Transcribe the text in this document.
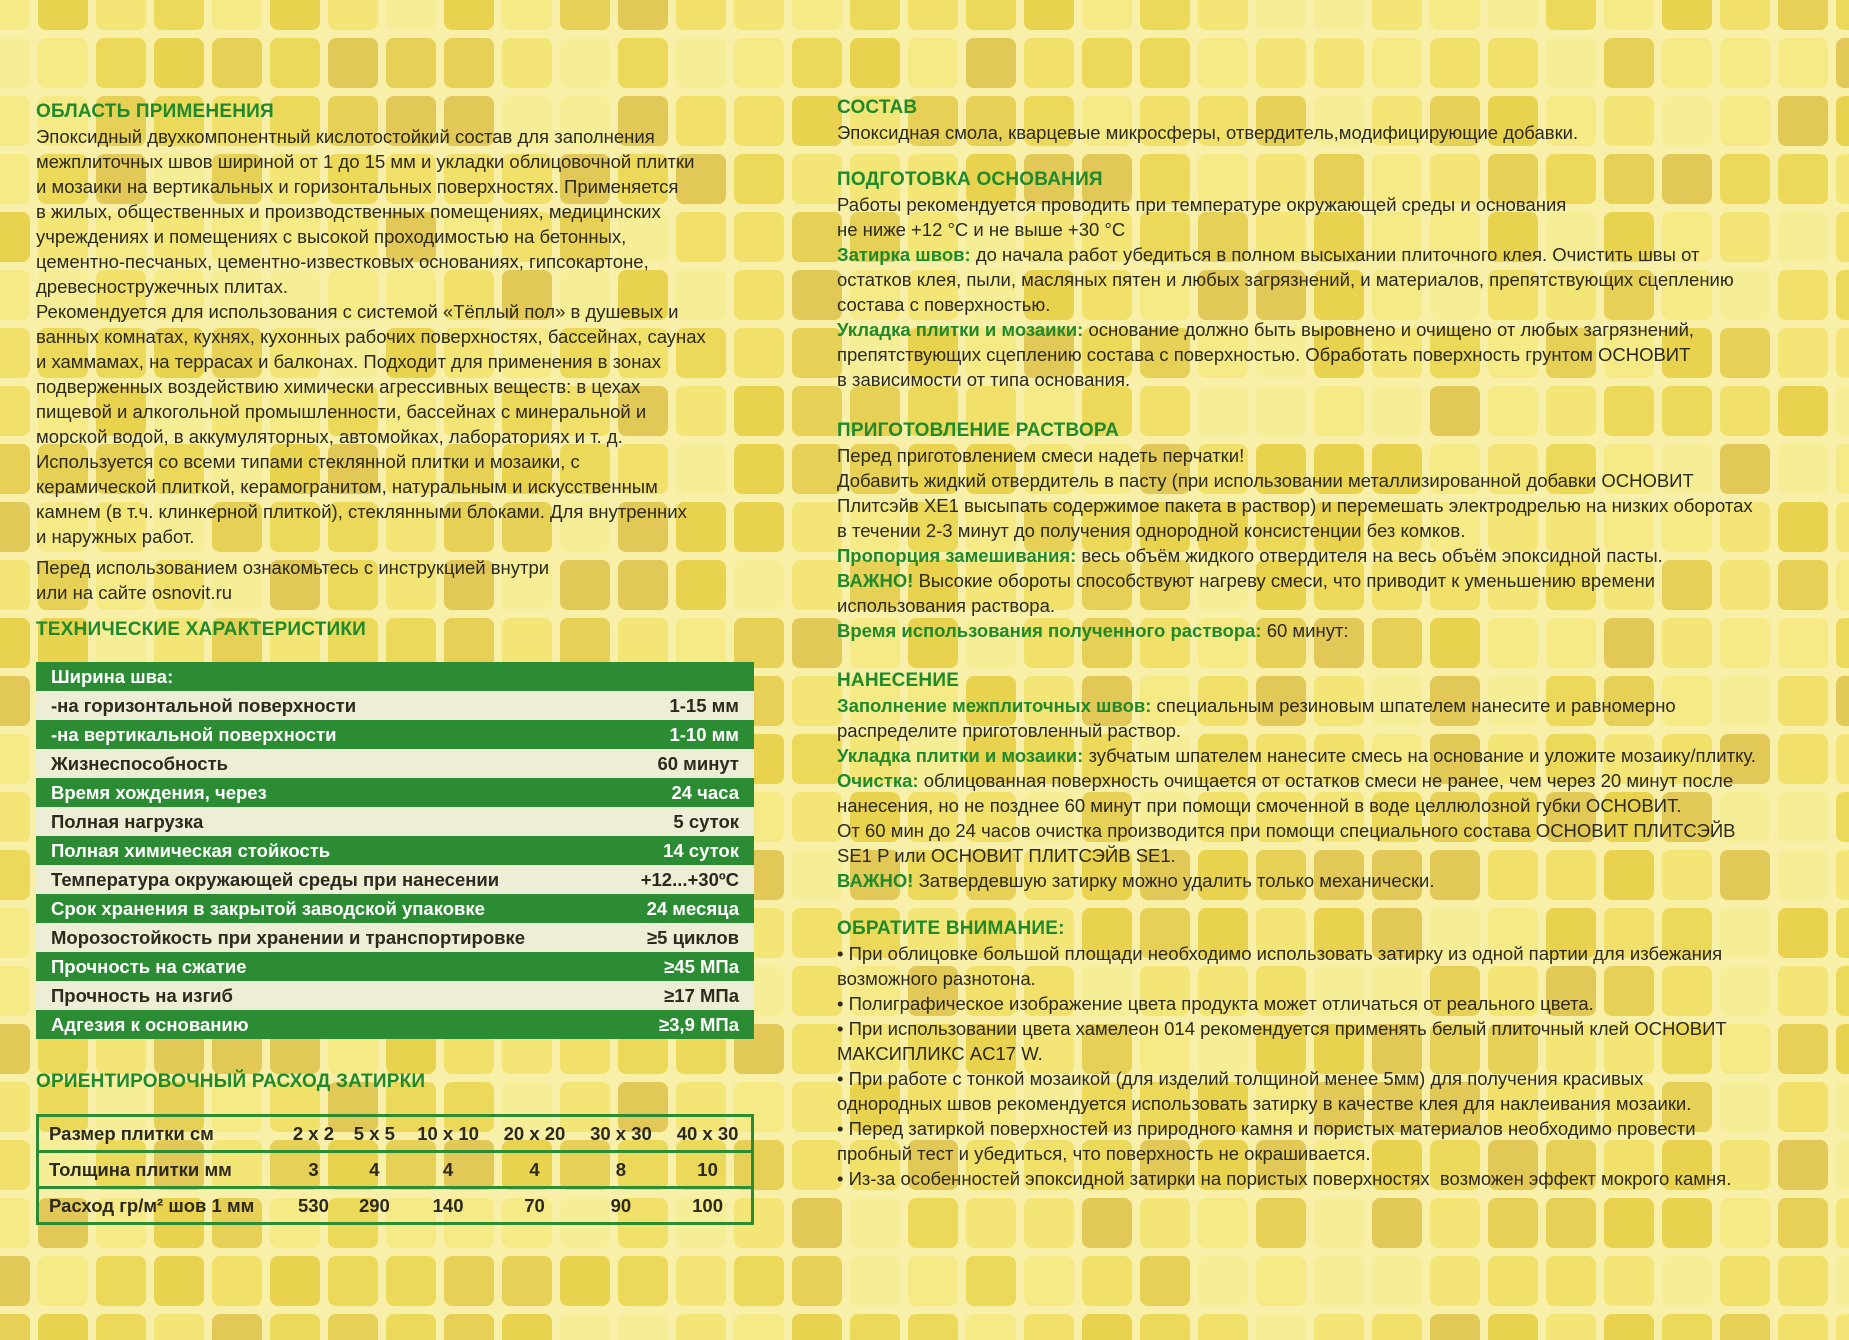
ОБЛАСТЬ ПРИМЕНЕНИЯ
Эпоксидный двухкомпонентный кислотостойкий состав для заполнения
межплиточных швов шириной от 1 до 15 мм и укладки облицовочной плитки
и мозаики на вертикальных и горизонтальных поверхностях. Применяется
в жилых, общественных и производственных помещениях, медицинских
учреждениях и помещениях с высокой проходимостью на бетонных,
цементно-песчаных, цементно-известковых основаниях, гипсокартоне,
древесностружечных плитах.
Рекомендуется для использования с системой «Тёплый пол» в душевых и
ванных комнатах, кухнях, кухонных рабочих поверхностях, бассейнах, саунах
и хаммамах, на террасах и балконах. Подходит для применения в зонах
подверженных воздействию химически агрессивных веществ: в цехах
пищевой и алкогольной промышленности, бассейнах с минеральной и
морской водой, в аккумуляторных, автомойках, лабораториях и т. д.
Используется со всеми типами стеклянной плитки и мозаики, с
керамической плиткой, керамогранитом, натуральным и искусственным
камнем (в т.ч. клинкерной плиткой), стеклянными блоками. Для внутренних
и наружных работ.
Перед использованием ознакомьтесь с инструкцией внутри
или на сайте osnovit.ru
ТЕХНИЧЕСКИЕ ХАРАКТЕРИСТИКИ
Ширина шва:	
-на горизонтальной поверхности	1-15 мм
-на вертикальной поверхности	1-10 мм
Жизнеспособность	60 минут
Время хождения, через	24 часа
Полная нагрузка	5 суток
Полная химическая стойкость	14 суток
Температура окружающей среды при нанесении	+12...+30ºC
Срок хранения в закрытой заводской упаковке	24 месяца
Морозостойкость при хранении и транспортировке	≥5 циклов
Прочность на сжатие	≥45 МПа
Прочность на изгиб	≥17 МПа
Адгезия к основанию	≥3,9 МПа
ОРИЕНТИРОВОЧНЫЙ РАСХОД ЗАТИРКИ
Размер плитки см	2 x 2	5 x 5	10 x 10	20 x 20	30 x 30	40 x 30
Толщина плитки мм	3	4	4	4	8	10
Расход гр/м² шов 1 мм	530	290	140	70	90	100
СОСТАВ
Эпоксидная смола, кварцевые микросферы, отвердитель,модифицирующие добавки.
ПОДГОТОВКА ОСНОВАНИЯ
Работы рекомендуется проводить при температуре окружающей среды и основания
не ниже +12 °C и не выше +30 °C
Затирка швов: до начала работ убедиться в полном высыхании плиточного клея. Очистить швы от
остатков клея, пыли, масляных пятен и любых загрязнений, и материалов, препятствующих сцеплению
состава с поверхностью.
Укладка плитки и мозаики: основание должно быть выровнено и очищено от любых загрязнений,
препятствующих сцеплению состава с поверхностью. Обработать поверхность грунтом ОСНОВИТ
в зависимости от типа основания.
ПРИГОТОВЛЕНИЕ РАСТВОРА
Перед приготовлением смеси надеть перчатки!
Добавить жидкий отвердитель в пасту (при использовании металлизированной добавки ОСНОВИТ
Плитсэйв XE1 высыпать содержимое пакета в раствор) и перемешать электродрелью на низких оборотах
в течении 2-3 минут до получения однородной консистенции без комков.
Пропорция замешивания: весь объём жидкого отвердителя на весь объём эпоксидной пасты.
ВАЖНО! Высокие обороты способствуют нагреву смеси, что приводит к уменьшению времени
использования раствора.
Время использования полученного раствора: 60 минут:
НАНЕСЕНИЕ
Заполнение межплиточных швов: специальным резиновым шпателем нанесите и равномерно
распределите приготовленный раствор.
Укладка плитки и мозаики: зубчатым шпателем нанесите смесь на основание и уложите мозаику/плитку.
Очистка: облицованная поверхность очищается от остатков смеси не ранее, чем через 20 минут после
нанесения, но не позднее 60 минут при помощи смоченной в воде целлюлозной губки ОСНОВИТ.
От 60 мин до 24 часов очистка производится при помощи специального состава ОСНОВИТ ПЛИТСЭЙВ
SE1 P или ОСНОВИТ ПЛИТСЭЙВ SE1.
ВАЖНО! Затвердевшую затирку можно удалить только механически.
ОБРАТИТЕ ВНИМАНИЕ:
• При облицовке большой площади необходимо использовать затирку из одной партии для избежания
возможного разнотона.
• Полиграфическое изображение цвета продукта может отличаться от реального цвета.
• При использовании цвета хамелеон 014 рекомендуется применять белый плиточный клей ОСНОВИТ
МАКСИПЛИКС AC17 W.
• При работе с тонкой мозаикой (для изделий толщиной менее 5мм) для получения красивых
однородных швов рекомендуется использовать затирку в качестве клея для наклеивания мозаики.
• Перед затиркой поверхностей из природного камня и пористых материалов необходимо провести
пробный тест и убедиться, что поверхность не окрашивается.
• Из-за особенностей эпоксидной затирки на пористых поверхностях  возможен эффект мокрого камня.
